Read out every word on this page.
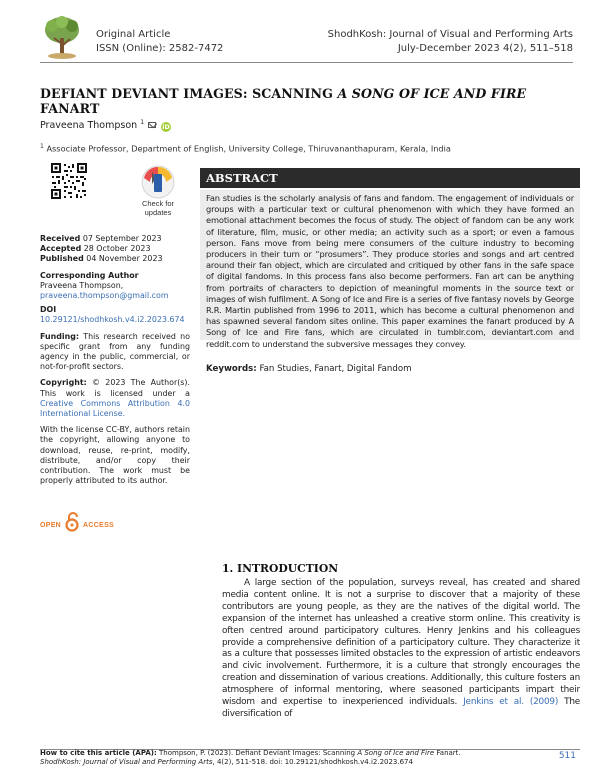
Original Article
ISSN (Online): 2582-7472
ShodhKosh: Journal of Visual and Performing Arts
July-December 2023 4(2), 511–518
DEFIANT DEVIANT IMAGES: SCANNING A SONG OF ICE AND FIRE FANART
Praveena Thompson $^1$  iD
$^1$ Associate Professor, Department of English, University College, Thiruvananthapuram, Kerala, India
Check for
updates
Received 07 September 2023
Accepted 28 October 2023
Published 04 November 2023
Corresponding Author
Praveena Thompson,
praveena.thompson@gmail.com
DOI
10.29121/shodhkosh.v4.i2.2023.674
Funding: This research received no specific grant from any funding agency in the public, commercial, or not-for-profit sectors.
Copyright: © 2023 The Author(s). This work is licensed under a Creative Commons Attribution 4.0 International License.
With the license CC-BY, authors retain the copyright, allowing anyone to download, reuse, re-print, modify, distribute, and/or copy their contribution. The work must be properly attributed to its author.
OPEN	ACCESS
ABSTRACT
Fan studies is the scholarly analysis of fans and fandom. The engagement of individuals or groups with a particular text or cultural phenomenon with which they have formed an emotional attachment becomes the focus of study. The object of fandom can be any work of literature, film, music, or other media; an activity such as a sport; or even a famous person. Fans move from being mere consumers of the culture industry to becoming producers in their turn or “prosumers”. They produce stories and songs and art centred around their fan object, which are circulated and critiqued by other fans in the safe space of digital fandoms. In this process fans also become performers. Fan art can be anything from portraits of characters to depiction of meaningful moments in the source text or images of wish fulfilment. A Song of Ice and Fire is a series of five fantasy novels by George R.R. Martin published from 1996 to 2011, which has become a cultural phenomenon and has spawned several fandom sites online. This paper examines the fanart produced by A Song of Ice and Fire fans, which are circulated in tumblr.com, deviantart.com and reddit.com to understand the subversive messages they convey.
Keywords: Fan Studies, Fanart, Digital Fandom
1. INTRODUCTION
A large section of the population, surveys reveal, has created and shared media content online. It is not a surprise to discover that a majority of these contributors are young people, as they are the natives of the digital world. The expansion of the internet has unleashed a creative storm online. This creativity is often centred around participatory cultures. Henry Jenkins and his colleagues provide a comprehensive definition of a participatory culture. They characterize it as a culture that possesses limited obstacles to the expression of artistic endeavors and civic involvement. Furthermore, it is a culture that strongly encourages the creation and dissemination of various creations. Additionally, this culture fosters an atmosphere of informal mentoring, where seasoned participants impart their wisdom and expertise to inexperienced individuals. Jenkins et al. (2009) The diversification of
How to cite this article (APA): Thompson, P. (2023). Defiant Deviant Images: Scanning A Song of Ice and Fire Fanart. ShodhKosh: Journal of Visual and Performing Arts, 4(2), 511-518. doi: 10.29121/shodhkosh.v4.i2.2023.674
511
